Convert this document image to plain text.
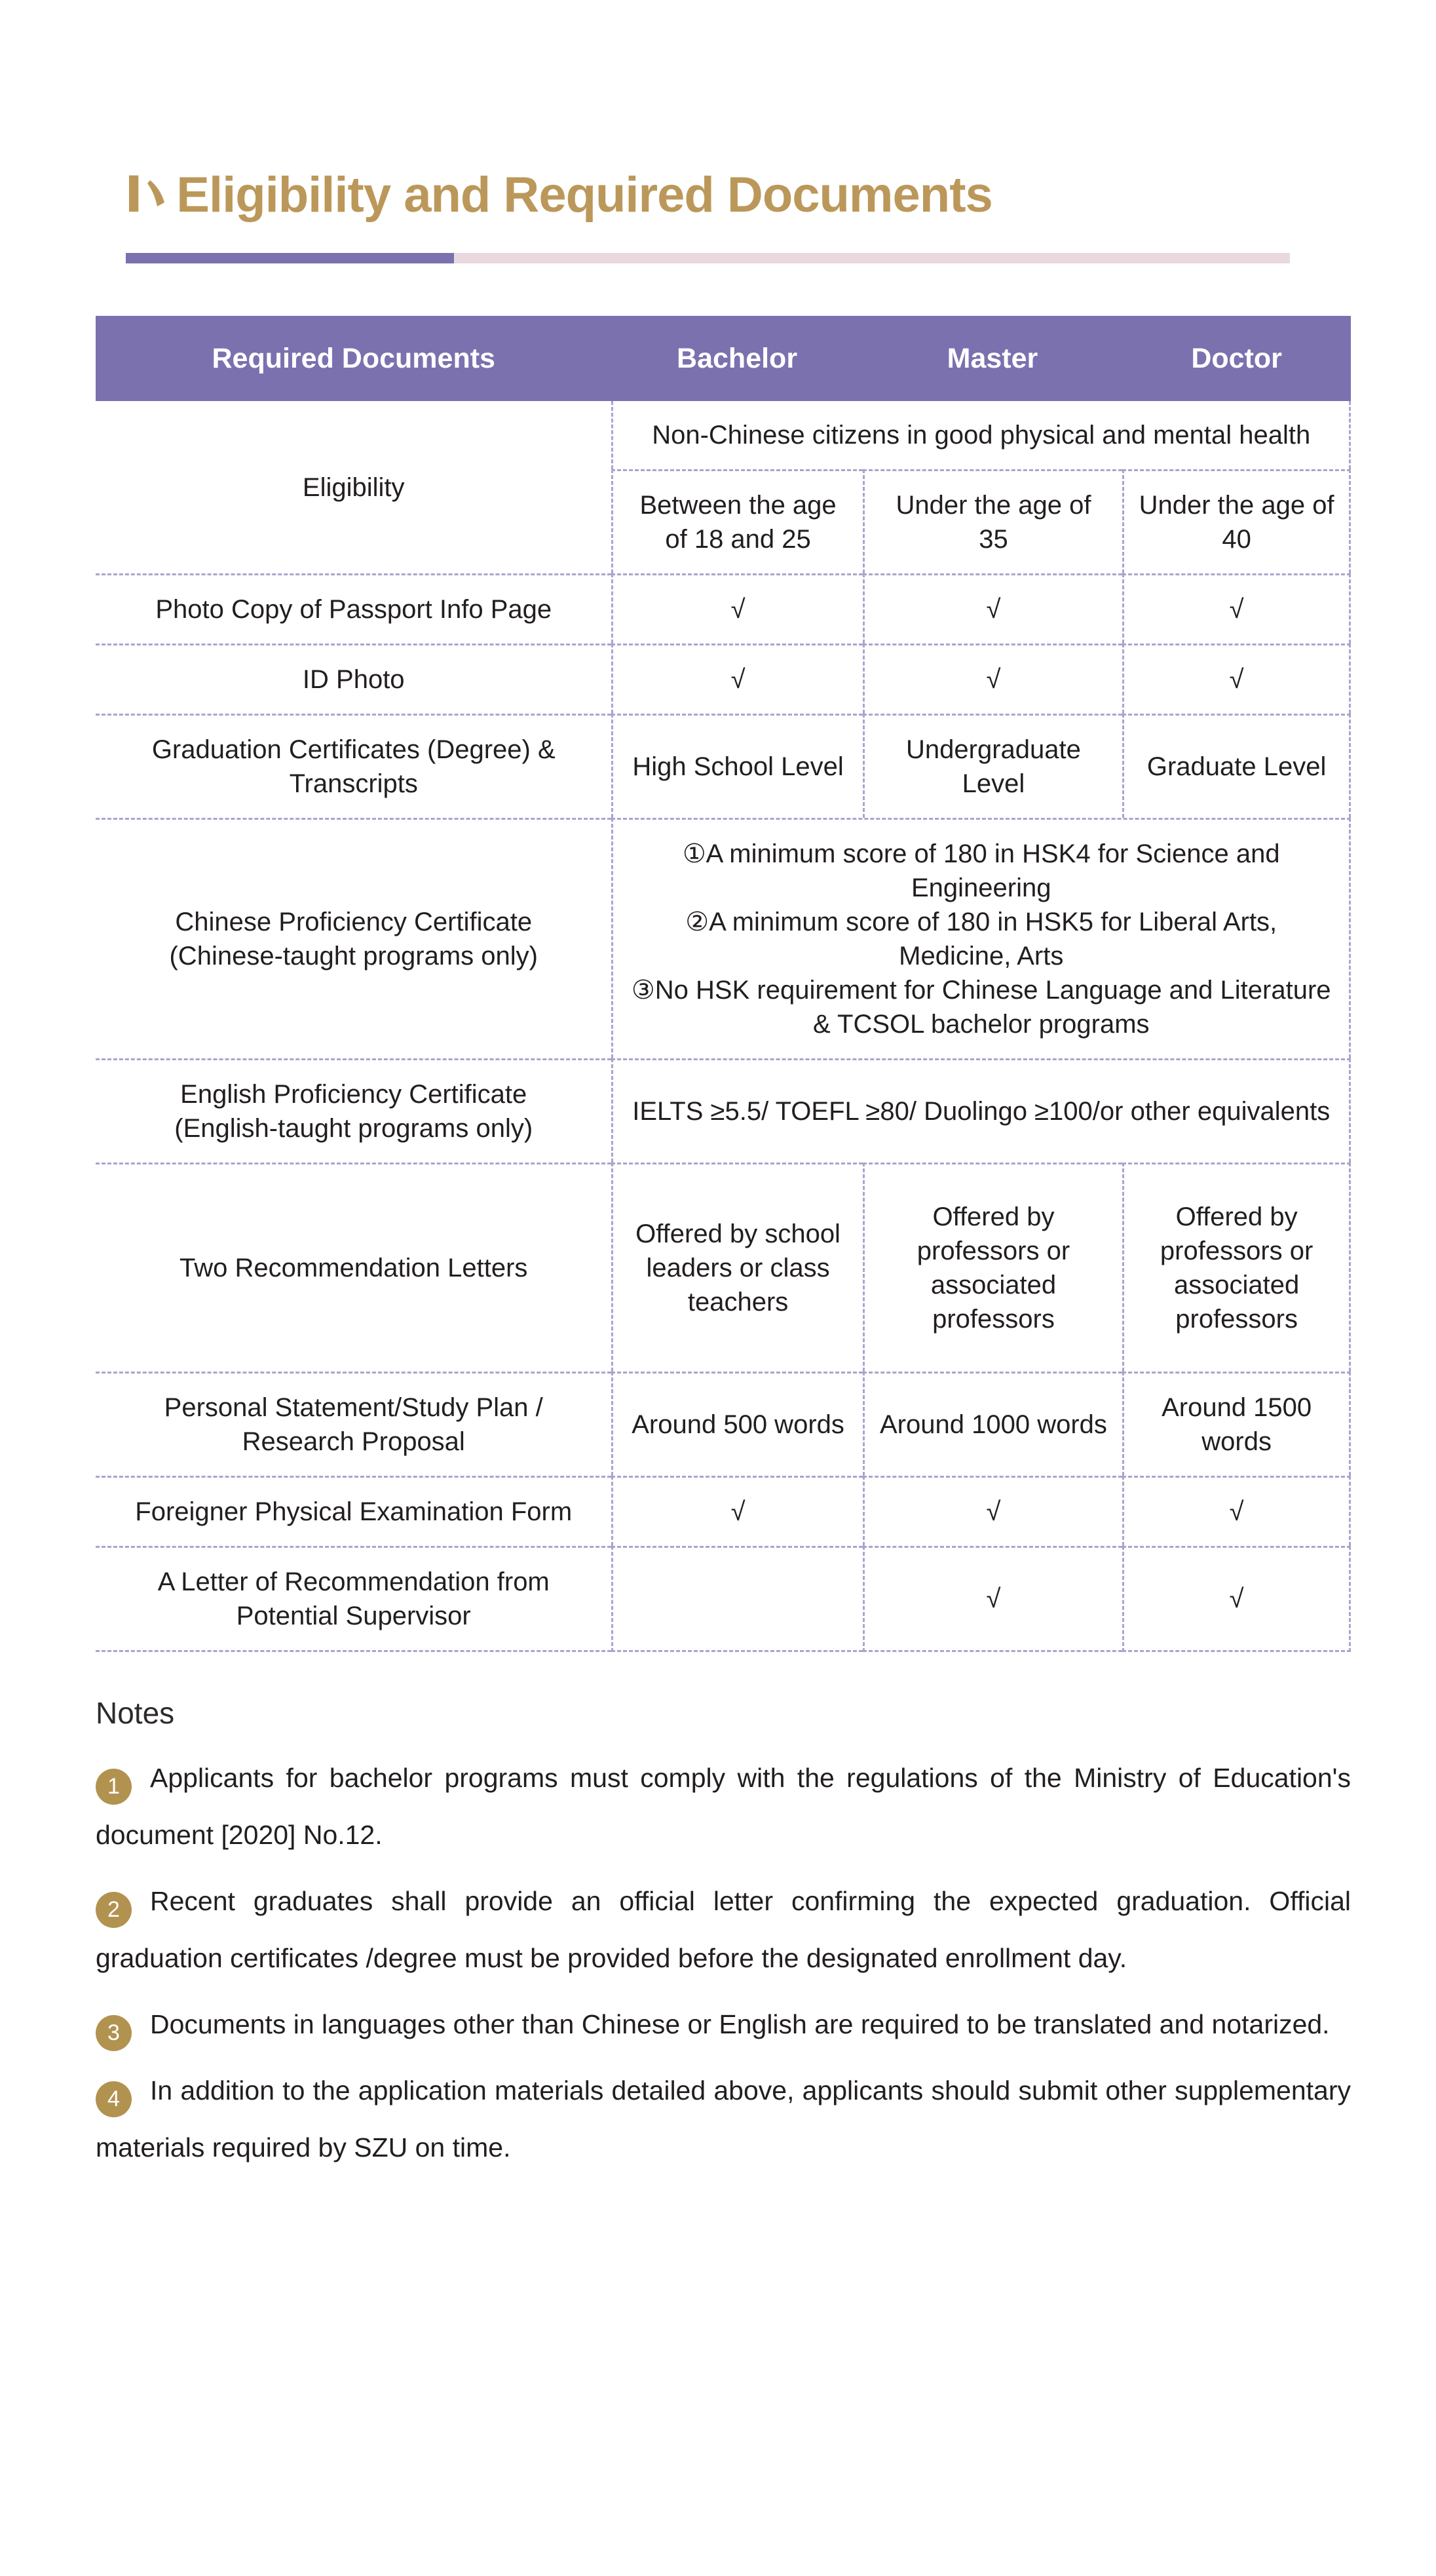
Ⅰ Eligibility and Required Documents
Required Documents	Bachelor	Master	Doctor
Eligibility	Non-Chinese citizens in good physical and mental health		
	Between the age of 18 and 25	Under the age of 35	Under the age of 40
Photo Copy of Passport Info Page	√	√	√
ID Photo	√	√	√
Graduation Certificates (Degree) & Transcripts	High School Level	Undergraduate Level	Graduate Level
Chinese Proficiency Certificate (Chinese-taught programs only)	①A minimum score of 180 in HSK4 for Science and Engineering
②A minimum score of 180 in HSK5 for Liberal Arts, Medicine, Arts
③No HSK requirement for Chinese Language and Literature & TCSOL bachelor programs		

English Proficiency Certificate (English-taught programs only)	IELTS ≥5.5/ TOEFL ≥80/ Duolingo ≥100/or other equivalents		
Two Recommendation Letters	Offered by school leaders or class teachers	Offered by professors or associated professors	Offered by professors or associated professors
Personal Statement/Study Plan / Research Proposal	Around 500 words	Around 1000 words	Around 1500 words
Foreigner Physical Examination Form	√	√	√
A Letter of Recommendation from Potential Supervisor		√	√
Notes

1 Applicants for bachelor programs must comply with the regulations of the Ministry of Education's document [2020] No.12.

2 Recent graduates shall provide an official letter confirming the expected graduation. Official graduation certificates /degree must be provided before the designated enrollment day.

3 Documents in languages other than Chinese or English are required to be translated and notarized.

4 In addition to the application materials detailed above, applicants should submit other supplementary materials required by SZU on time.
